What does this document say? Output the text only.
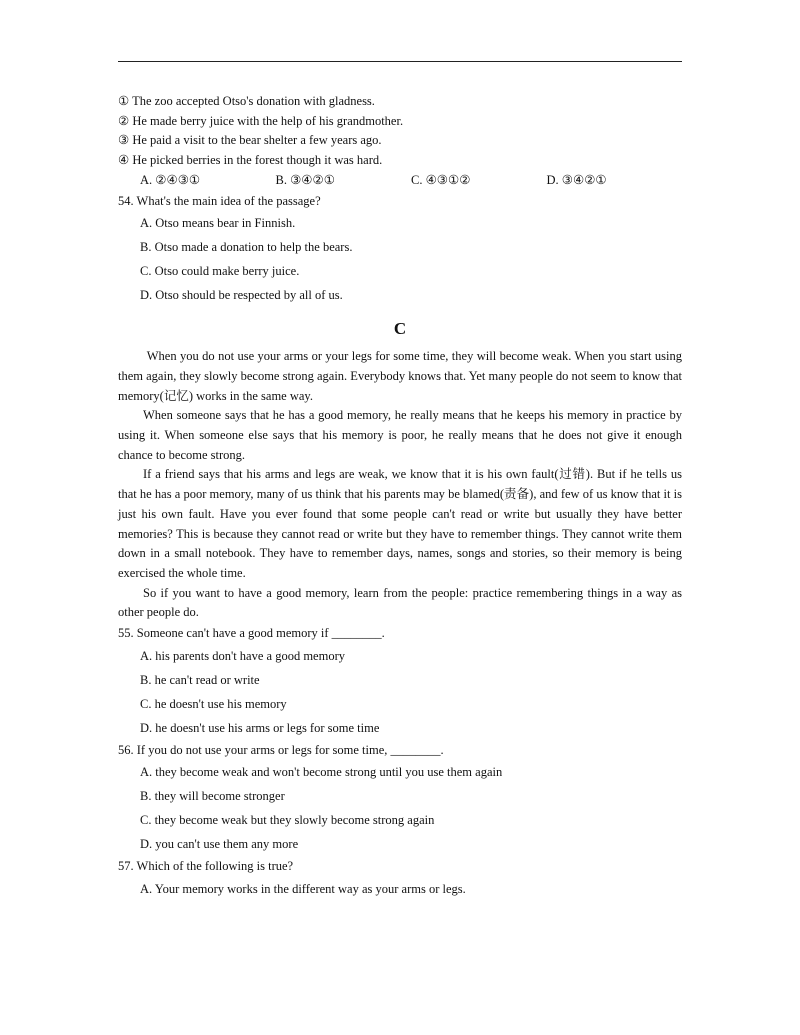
① The zoo accepted Otso's donation with gladness.
② He made berry juice with the help of his grandmother.
③ He paid a visit to the bear shelter a few years ago.
④ He picked berries in the forest though it was hard.
A. ②④③①	B. ③④②①	C. ④③①②	D. ③④②①
54. What's the main idea of the passage?
A. Otso means bear in Finnish.
B. Otso made a donation to help the bears.
C. Otso could make berry juice.
D. Otso should be respected by all of us.
C

When you do not use your arms or your legs for some time, they will become weak. When you start using them again, they slowly become strong again. Everybody knows that. Yet many people do not seem to know that memory(记忆) works in the same way.

When someone says that he has a good memory, he really means that he keeps his memory in practice by using it. When someone else says that his memory is poor, he really means that he does not give it enough chance to become strong.

If a friend says that his arms and legs are weak, we know that it is his own fault(过错). But if he tells us that he has a poor memory, many of us think that his parents may be blamed(责备), and few of us know that it is just his own fault. Have you ever found that some people can't read or write but usually they have better memories? This is because they cannot read or write but they have to remember things. They cannot write them down in a small notebook. They have to remember days, names, songs and stories, so their memory is being exercised the whole time.

So if you want to have a good memory, learn from the people: practice remembering things in a way as other people do.

55. Someone can't have a good memory if ________.
A. his parents don't have a good memory
B. he can't read or write
C. he doesn't use his memory
D. he doesn't use his arms or legs for some time
56. If you do not use your arms or legs for some time, ________.
A. they become weak and won't become strong until you use them again
B. they will become stronger
C. they become weak but they slowly become strong again
D. you can't use them any more
57. Which of the following is true?
A. Your memory works in the different way as your arms or legs.
